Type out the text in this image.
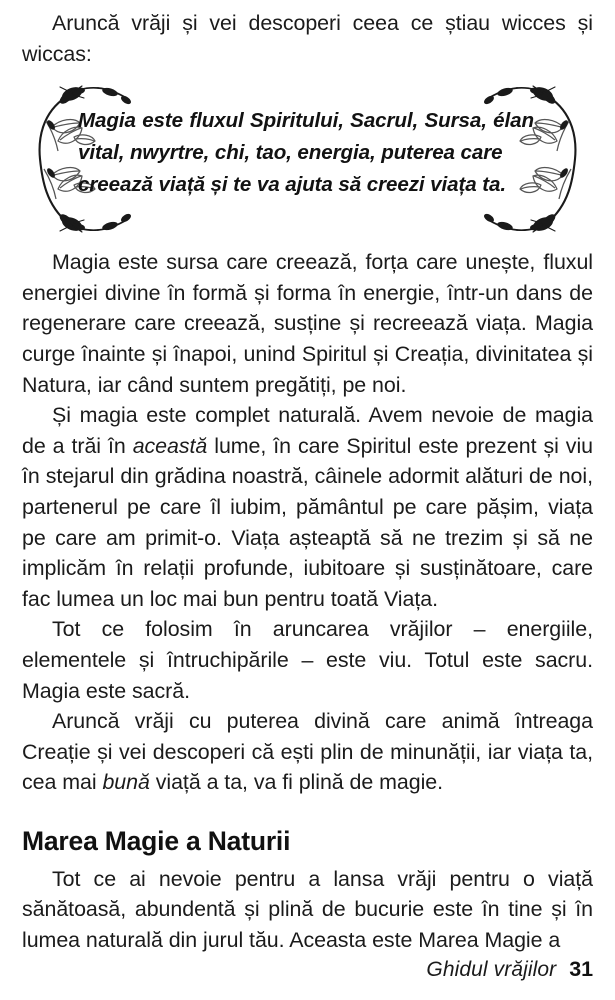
Aruncă vrăji și vei descoperi ceea ce știau wicces și wiccas:

Magia este fluxul Spiritului, Sacrul, Sursa, élan vital, nwyrtre, chi, tao, energia, puterea care
creează viață și te va ajuta să creezi viața ta.

Magia este sursa care creează, forța care unește, fluxul energiei divine în formă și forma în energie, într-un dans de regenerare care creează, susține și recreează viața. Magia curge înainte și înapoi, unind Spiritul și Creația, divinitatea și Natura, iar când suntem pregătiți, pe noi.

Și magia este complet naturală. Avem nevoie de magia de a trăi în această lume, în care Spiritul este prezent și viu în stejarul din grădina noastră, câinele adormit alături de noi, partenerul pe care îl iubim, pământul pe care pășim, viața pe care am primit-o. Viața așteaptă să ne trezim și să ne implicăm în relații profunde, iubitoare și susținătoare, care fac lumea un loc mai bun pentru toată Viața.

Tot ce folosim în aruncarea vrăjilor – energiile, elementele și întruchipările – este viu. Totul este sacru. Magia este sacră.

Aruncă vrăji cu puterea divină care animă întreaga Creație și vei descoperi că ești plin de minunății, iar viața ta, cea mai bună viață a ta, va fi plină de magie.

Marea Magie a Naturii

Tot ce ai nevoie pentru a lansa vrăji pentru o viață sănătoasă, abundentă și plină de bucurie este în tine și în lumea naturală din jurul tău. Aceasta este Marea Magie a

Ghidul vrăjilor 31
